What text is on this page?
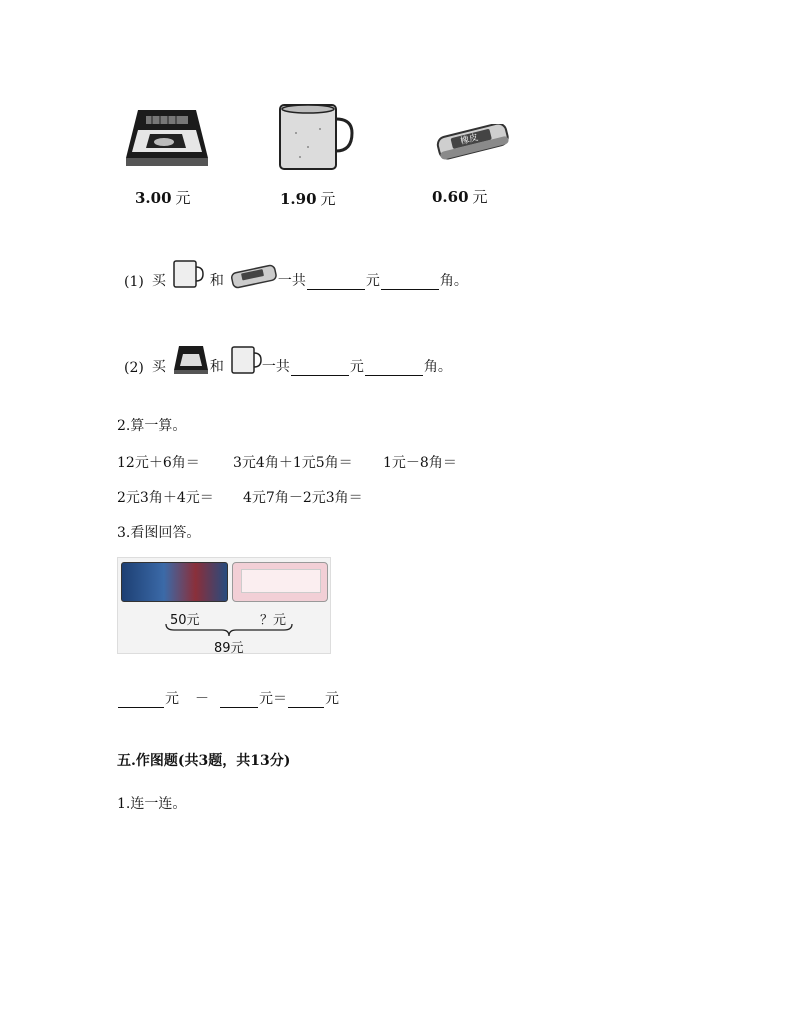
3.00 元	1.90 元
橡皮
0.60 元
(1) 买	和	一共	元	角。
(2) 买	和	一共	元	角。
2.算一算。
12元＋6角＝ 3元4角＋1元5角＝ 1元－8角＝
2元3角＋4元＝ 4元7角－2元3角＝
3.看图回答。
50元	？元
89元
元 －	元＝	元
五.作图题(共3题，共13分)
1.连一连。
